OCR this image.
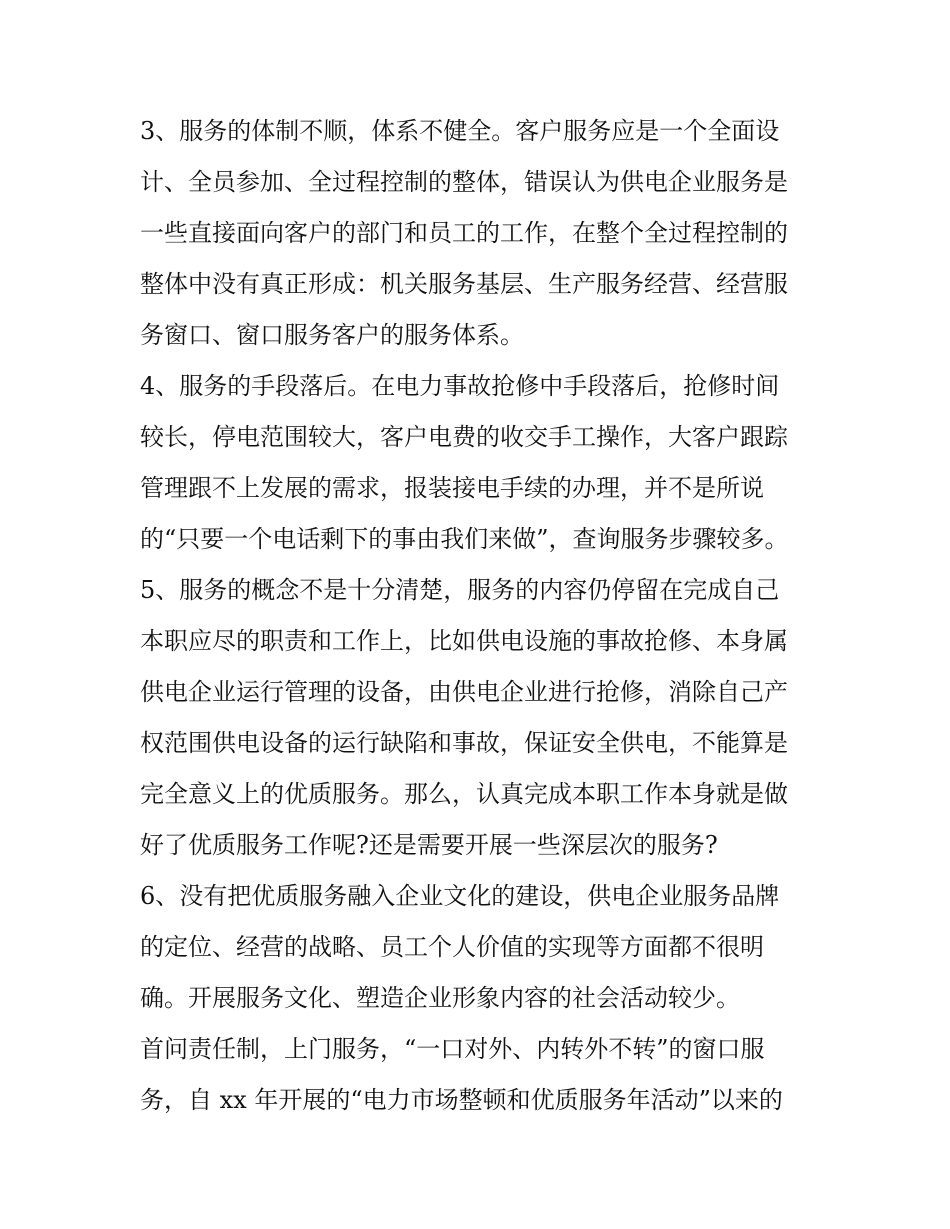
3、服务的体制不顺，体系不健全。客户服务应是一个全面设
计、全员参加、全过程控制的整体，错误认为供电企业服务是
一些直接面向客户的部门和员工的工作，在整个全过程控制的
整体中没有真正形成：机关服务基层、生产服务经营、经营服
务窗口、窗口服务客户的服务体系。
4、服务的手段落后。在电力事故抢修中手段落后，抢修时间
较长，停电范围较大，客户电费的收交手工操作，大客户跟踪
管理跟不上发展的需求，报装接电手续的办理，并不是所说
的“只要一个电话剩下的事由我们来做”，查询服务步骤较多。
5、服务的概念不是十分清楚，服务的内容仍停留在完成自己
本职应尽的职责和工作上，比如供电设施的事故抢修、本身属
供电企业运行管理的设备，由供电企业进行抢修，消除自己产
权范围供电设备的运行缺陷和事故，保证安全供电，不能算是
完全意义上的优质服务。那么，认真完成本职工作本身就是做
好了优质服务工作呢?还是需要开展一些深层次的服务?
6、没有把优质服务融入企业文化的建设，供电企业服务品牌
的定位、经营的战略、员工个人价值的实现等方面都不很明
确。开展服务文化、塑造企业形象内容的社会活动较少。
首问责任制，上门服务，“一口对外、内转外不转”的窗口服
务，自 xx 年开展的“电力市场整顿和优质服务年活动”以来的
